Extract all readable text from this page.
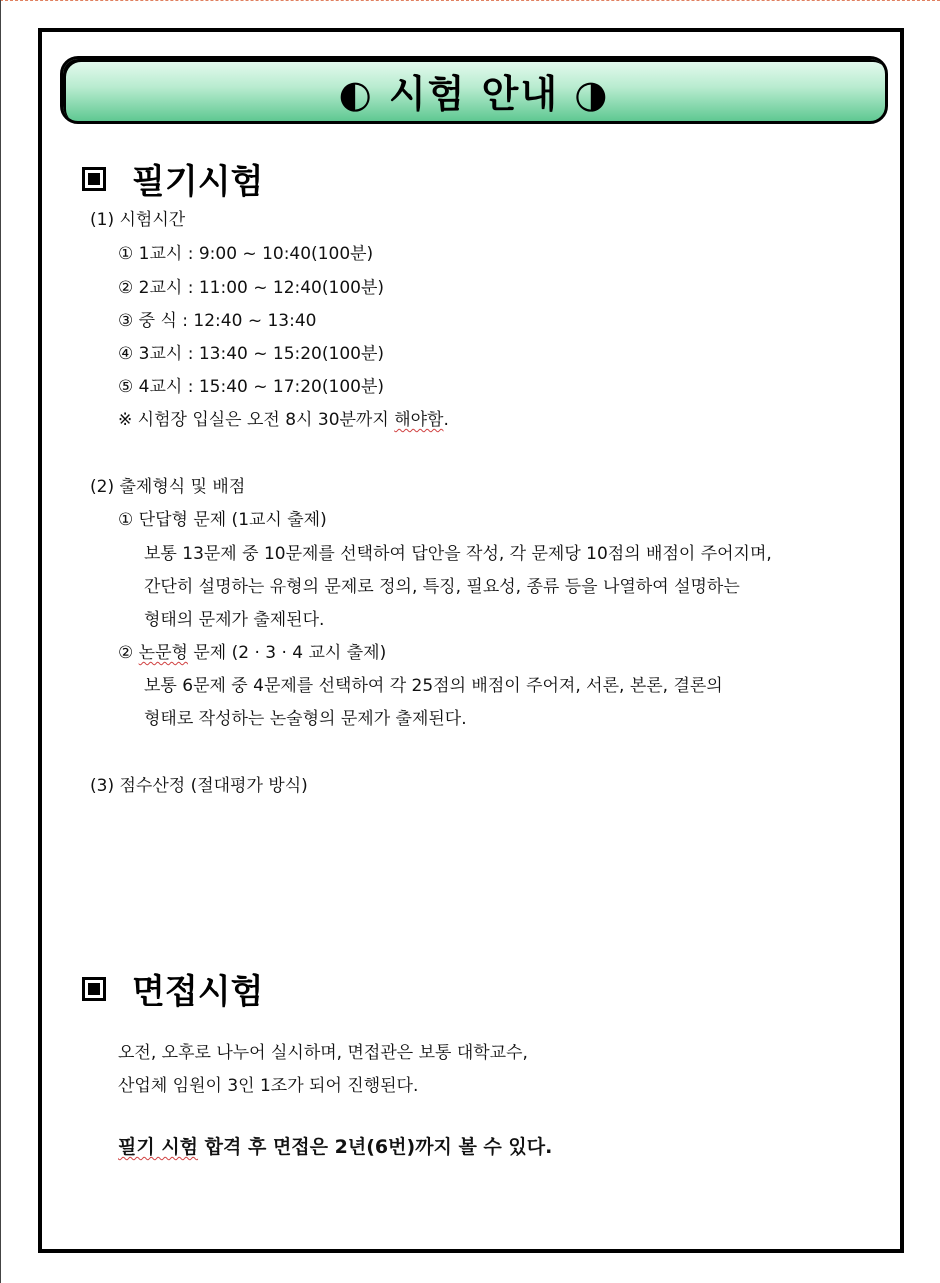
◐ 시험 안내 ◑
필기시험
(1) 시험시간
① 1교시 : 9:00 ~ 10:40(100분)
② 2교시 : 11:00 ~ 12:40(100분)
③ 중 식 : 12:40 ~ 13:40
④ 3교시 : 13:40 ~ 15:20(100분)
⑤ 4교시 : 15:40 ~ 17:20(100분)
※ 시험장 입실은 오전 8시 30분까지 해야함.
(2) 출제형식 및 배점
① 단답형 문제 (1교시 출제)
보통 13문제 중 10문제를 선택하여 답안을 작성, 각 문제당 10점의 배점이 주어지며,
간단히 설명하는 유형의 문제로 정의, 특징, 필요성, 종류 등을 나열하여 설명하는
형태의 문제가 출제된다.
② 논문형 문제 (2 · 3 · 4 교시 출제)
보통 6문제 중 4문제를 선택하여 각 25점의 배점이 주어져, 서론, 본론, 결론의
형태로 작성하는 논술형의 문제가 출제된다.
(3) 점수산정 (절대평가 방식)
면접시험
오전, 오후로 나누어 실시하며, 면접관은 보통 대학교수,
산업체 임원이 3인 1조가 되어 진행된다.
필기 시험 합격 후 면접은 2년(6번)까지 볼 수 있다.
